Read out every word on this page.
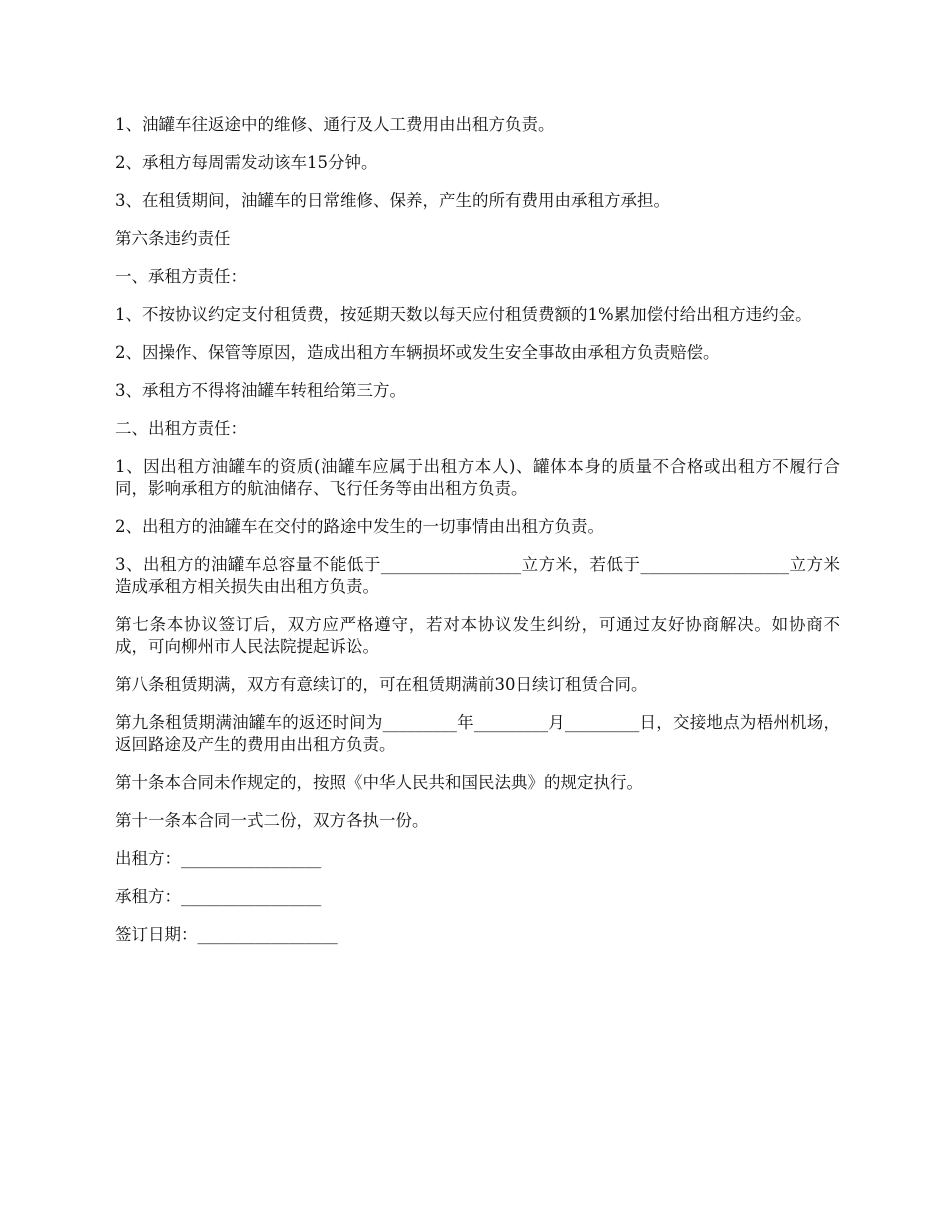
1、油罐车往返途中的维修、通行及人工费用由出租方负责。

2、承租方每周需发动该车15分钟。

3、在租赁期间，油罐车的日常维修、保养，产生的所有费用由承租方承担。

第六条违约责任

一、承租方责任：

1、不按协议约定支付租赁费，按延期天数以每天应付租赁费额的1%累加偿付给出租方违约金。

2、因操作、保管等原因，造成出租方车辆损坏或发生安全事故由承租方负责赔偿。

3、承租方不得将油罐车转租给第三方。

二、出租方责任：

1、因出租方油罐车的资质(油罐车应属于出租方本人)、罐体本身的质量不合格或出租方不履行合同，影响承租方的航油储存、飞行任务等由出租方负责。

2、出租方的油罐车在交付的路途中发生的一切事情由出租方负责。

3、出租方的油罐车总容量不能低于_________________立方米，若低于__________________立方米造成承租方相关损失由出租方负责。

第七条本协议签订后，双方应严格遵守，若对本协议发生纠纷，可通过友好协商解决。如协商不成，可向柳州市人民法院提起诉讼。

第八条租赁期满，双方有意续订的，可在租赁期满前30日续订租赁合同。

第九条租赁期满油罐车的返还时间为_________年_________月_________日，交接地点为梧州机场，返回路途及产生的费用由出租方负责。

第十条本合同未作规定的，按照《中华人民共和国民法典》的规定执行。

第十一条本合同一式二份，双方各执一份。

出租方：_________________

承租方：_________________

签订日期：_________________
